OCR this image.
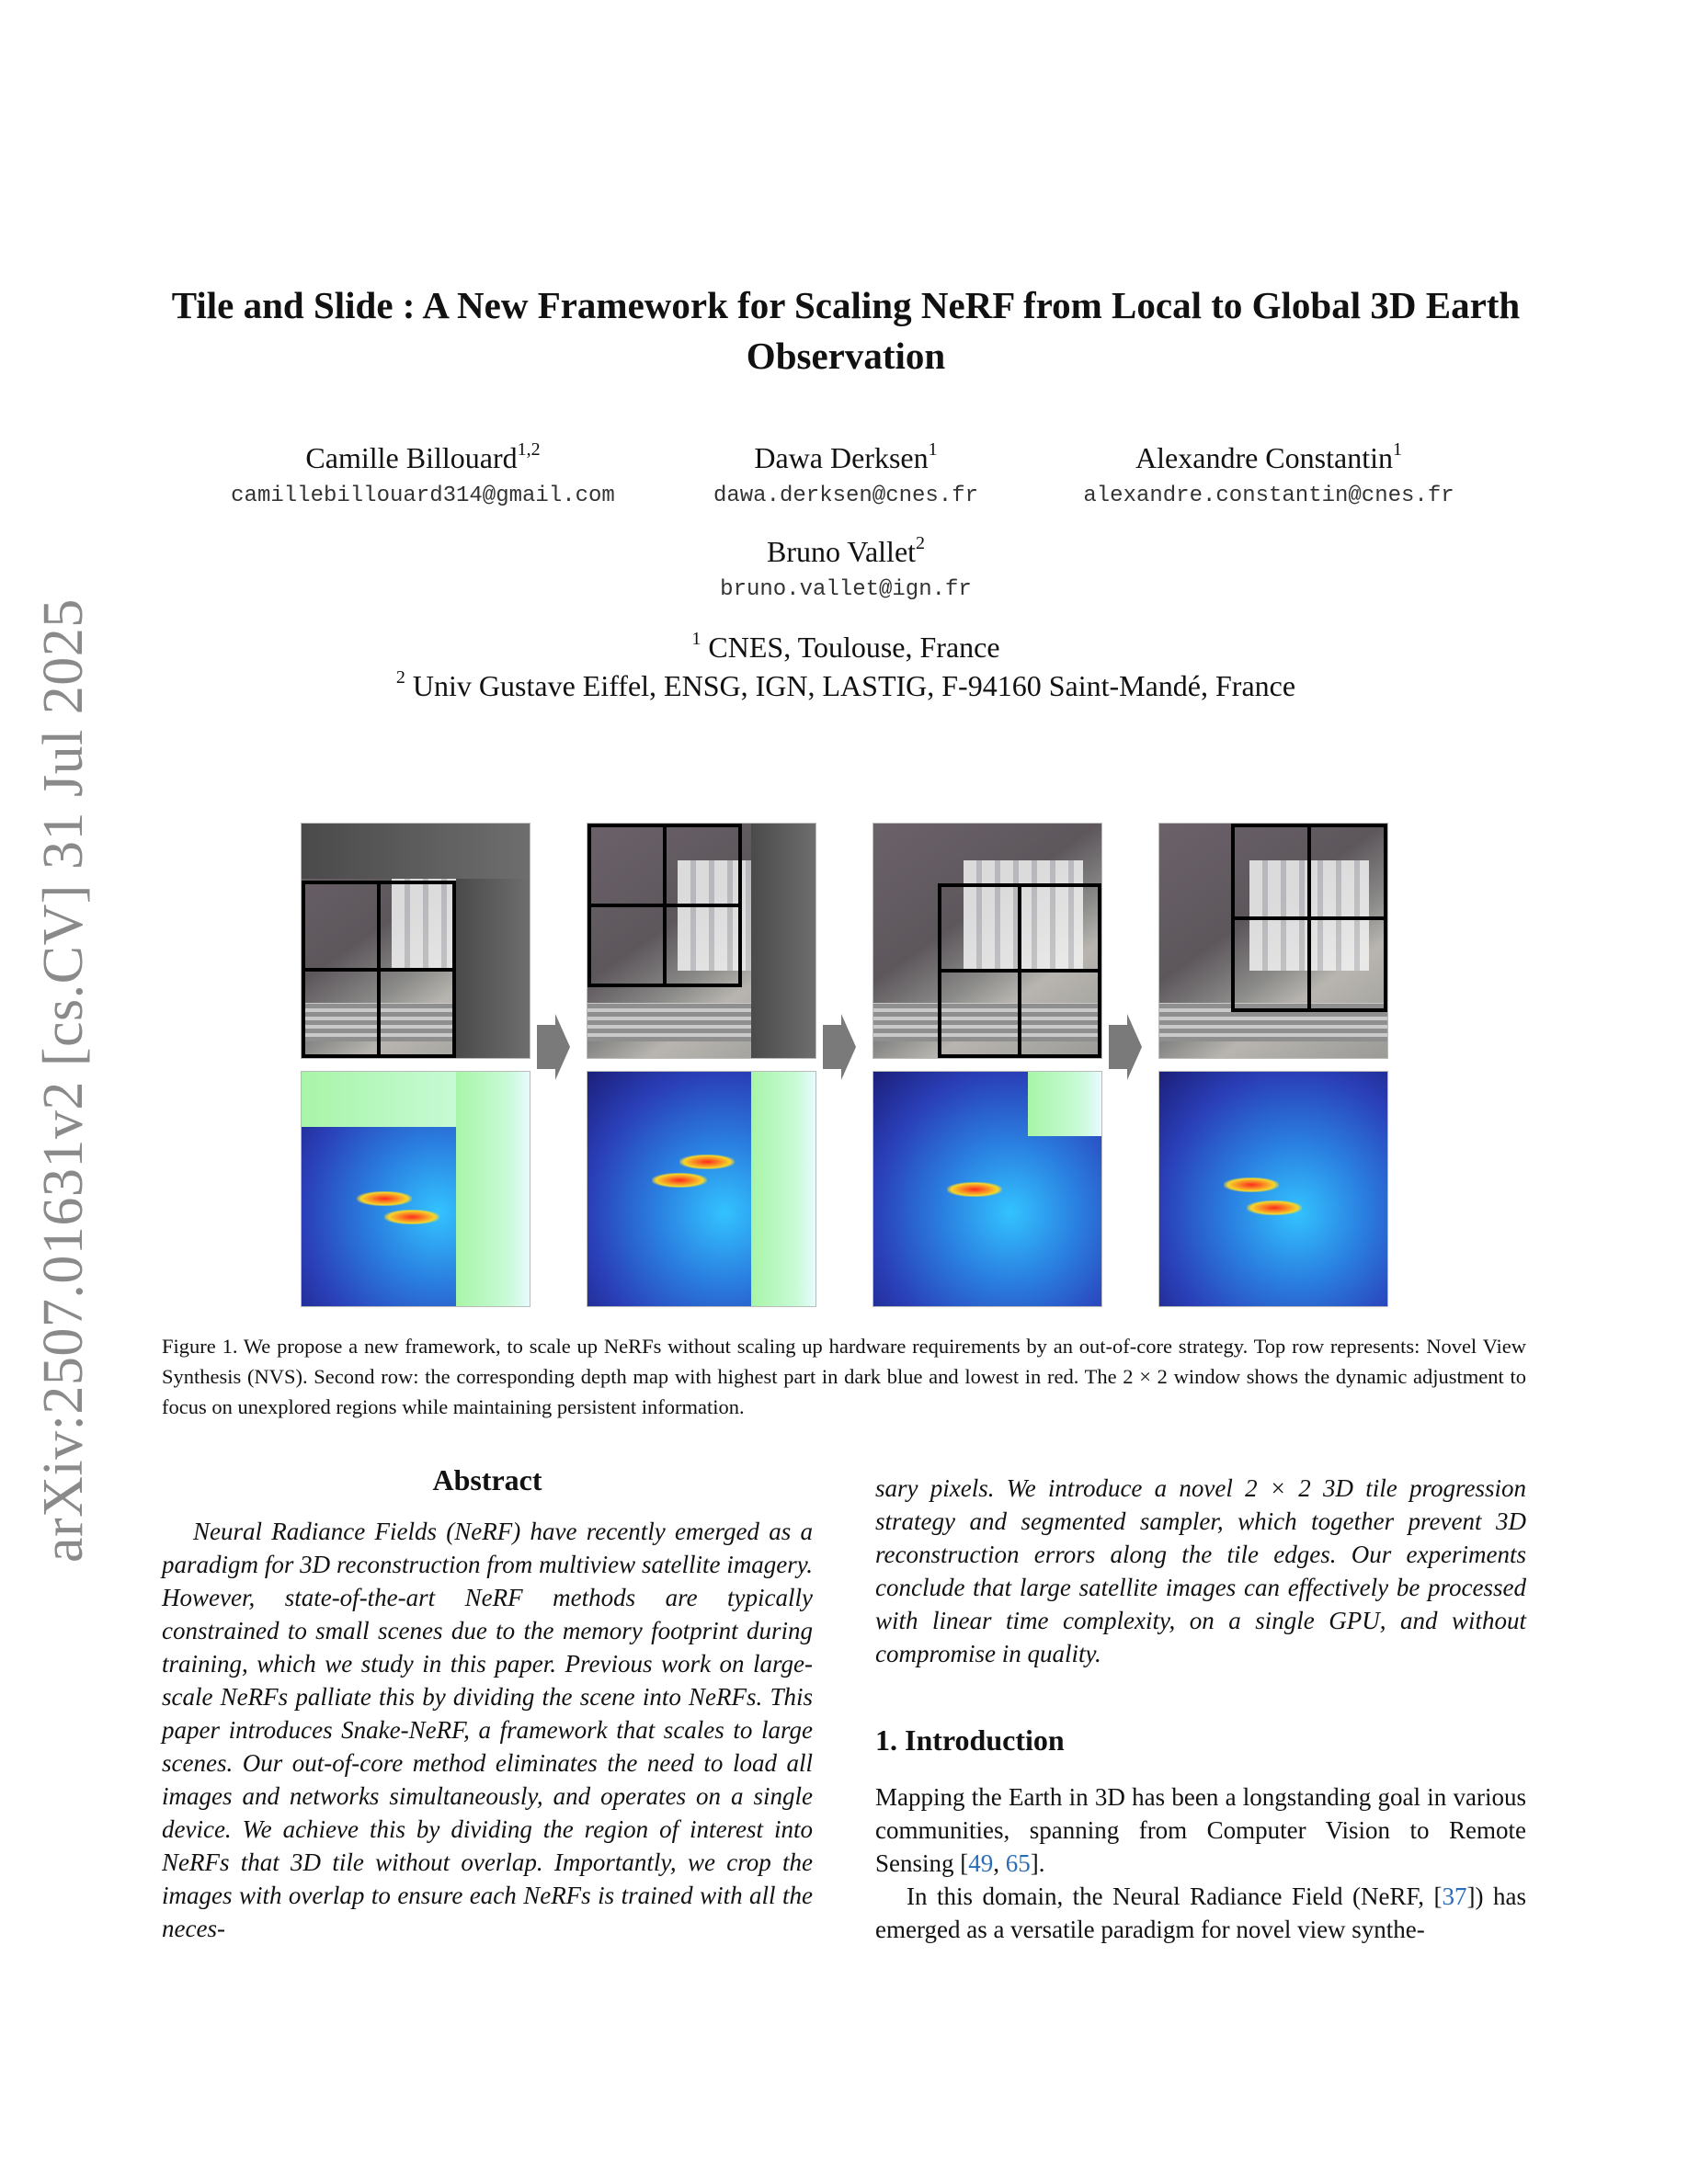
arXiv:2507.01631v2 [cs.CV] 31 Jul 2025
Tile and Slide : A New Framework for Scaling NeRF from Local to Global 3D Earth Observation
Camille Billouard$^{1,2}$
camillebillouard314@gmail.com
Dawa Derksen$^1$
dawa.derksen@cnes.fr
Alexandre Constantin$^1$
alexandre.constantin@cnes.fr
Bruno Vallet$^2$
bruno.vallet@ign.fr
$^1$ CNES, Toulouse, France
$^2$ Univ Gustave Eiffel, ENSG, IGN, LASTIG, F-94160 Saint-Mandé, France
Figure 1. We propose a new framework, to scale up NeRFs without scaling up hardware requirements by an out-of-core strategy. Top row represents: Novel View Synthesis (NVS). Second row: the corresponding depth map with highest part in dark blue and lowest in red. The 2 × 2 window shows the dynamic adjustment to focus on unexplored regions while maintaining persistent information.

Abstract

Neural Radiance Fields (NeRF) have recently emerged as a paradigm for 3D reconstruction from multiview satellite imagery. However, state-of-the-art NeRF methods are typically constrained to small scenes due to the memory footprint during training, which we study in this paper. Previous work on large-scale NeRFs palliate this by dividing the scene into NeRFs. This paper introduces Snake-NeRF, a framework that scales to large scenes. Our out-of-core method eliminates the need to load all images and networks simultaneously, and operates on a single device. We achieve this by dividing the region of interest into NeRFs that 3D tile without overlap. Importantly, we crop the images with overlap to ensure each NeRFs is trained with all the neces-

sary pixels. We introduce a novel 2 × 2 3D tile progression strategy and segmented sampler, which together prevent 3D reconstruction errors along the tile edges. Our experiments conclude that large satellite images can effectively be processed with linear time complexity, on a single GPU, and without compromise in quality.

1. Introduction

Mapping the Earth in 3D has been a longstanding goal in various communities, spanning from Computer Vision to Remote Sensing [49, 65].

In this domain, the Neural Radiance Field (NeRF, [37]) has emerged as a versatile paradigm for novel view synthe-
